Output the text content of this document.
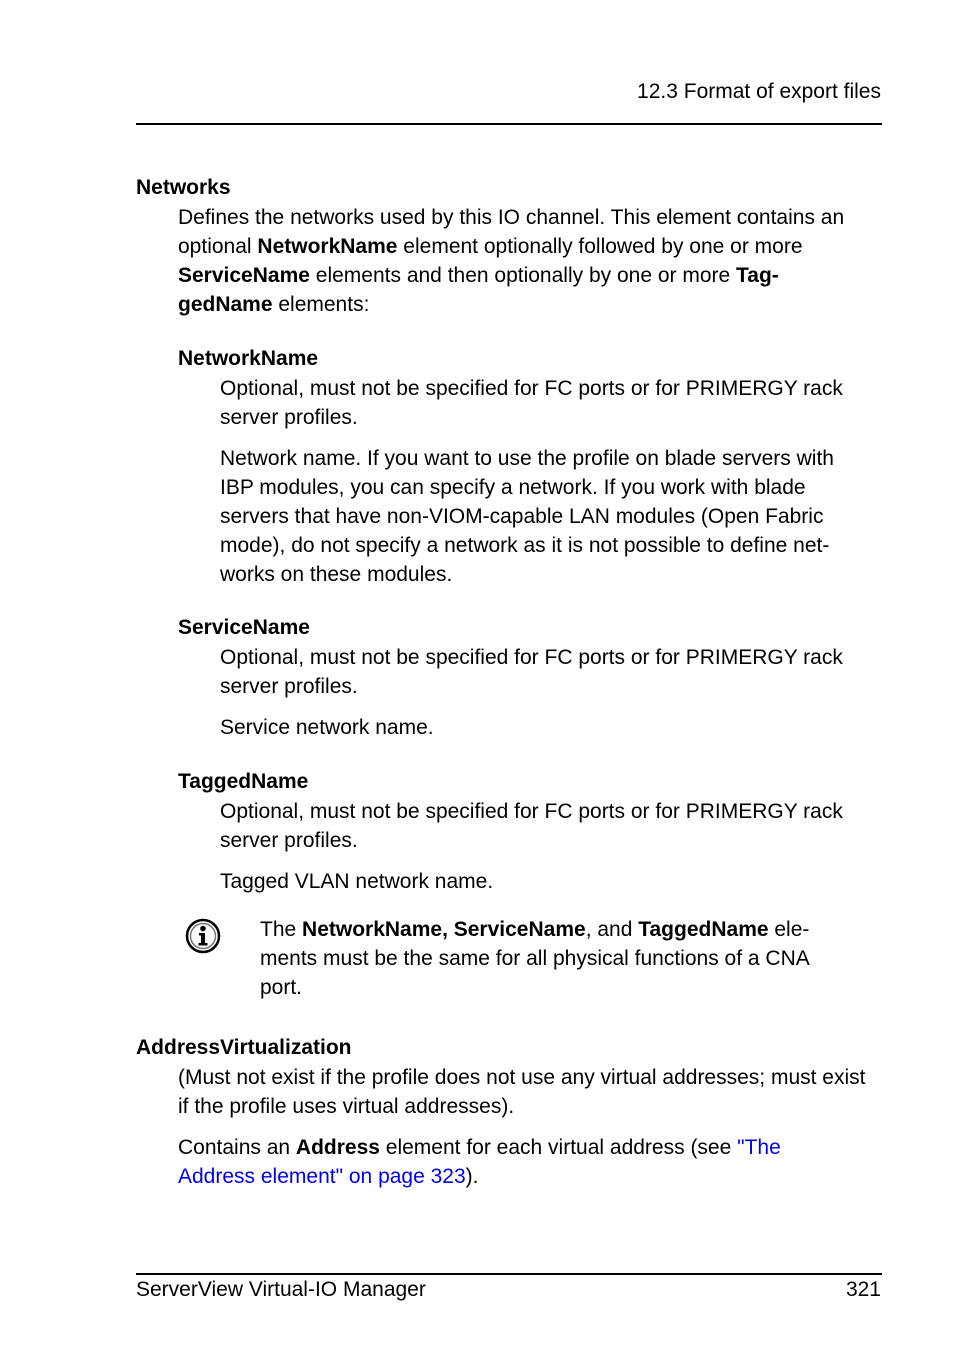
12.3 Format of export files
Networks

Defines the networks used by this IO channel. This element contains an optional NetworkName element optionally followed by one or more ServiceName elements and then optionally by one or more Tag-
gedName elements:

NetworkName
Optional, must not be specified for FC ports or for PRIMERGY rack server profiles.
Network name. If you want to use the profile on blade servers with IBP modules, you can specify a network. If you work with blade servers that have non-VIOM-capable LAN modules (Open Fabric mode), do not specify a network as it is not possible to define net-works on these modules.
ServiceName
Optional, must not be specified for FC ports or for PRIMERGY rack server profiles.
Service network name.
TaggedName
Optional, must not be specified for FC ports or for PRIMERGY rack server profiles.
Tagged VLAN network name.

The NetworkName, ServiceName, and TaggedName ele-ments must be the same for all physical functions of a CNA port.

AddressVirtualization
(Must not exist if the profile does not use any virtual addresses; must exist if the profile uses virtual addresses).

Contains an Address element for each virtual address (see "The Address element" on page 323).

ServerView Virtual-IO Manager	321
